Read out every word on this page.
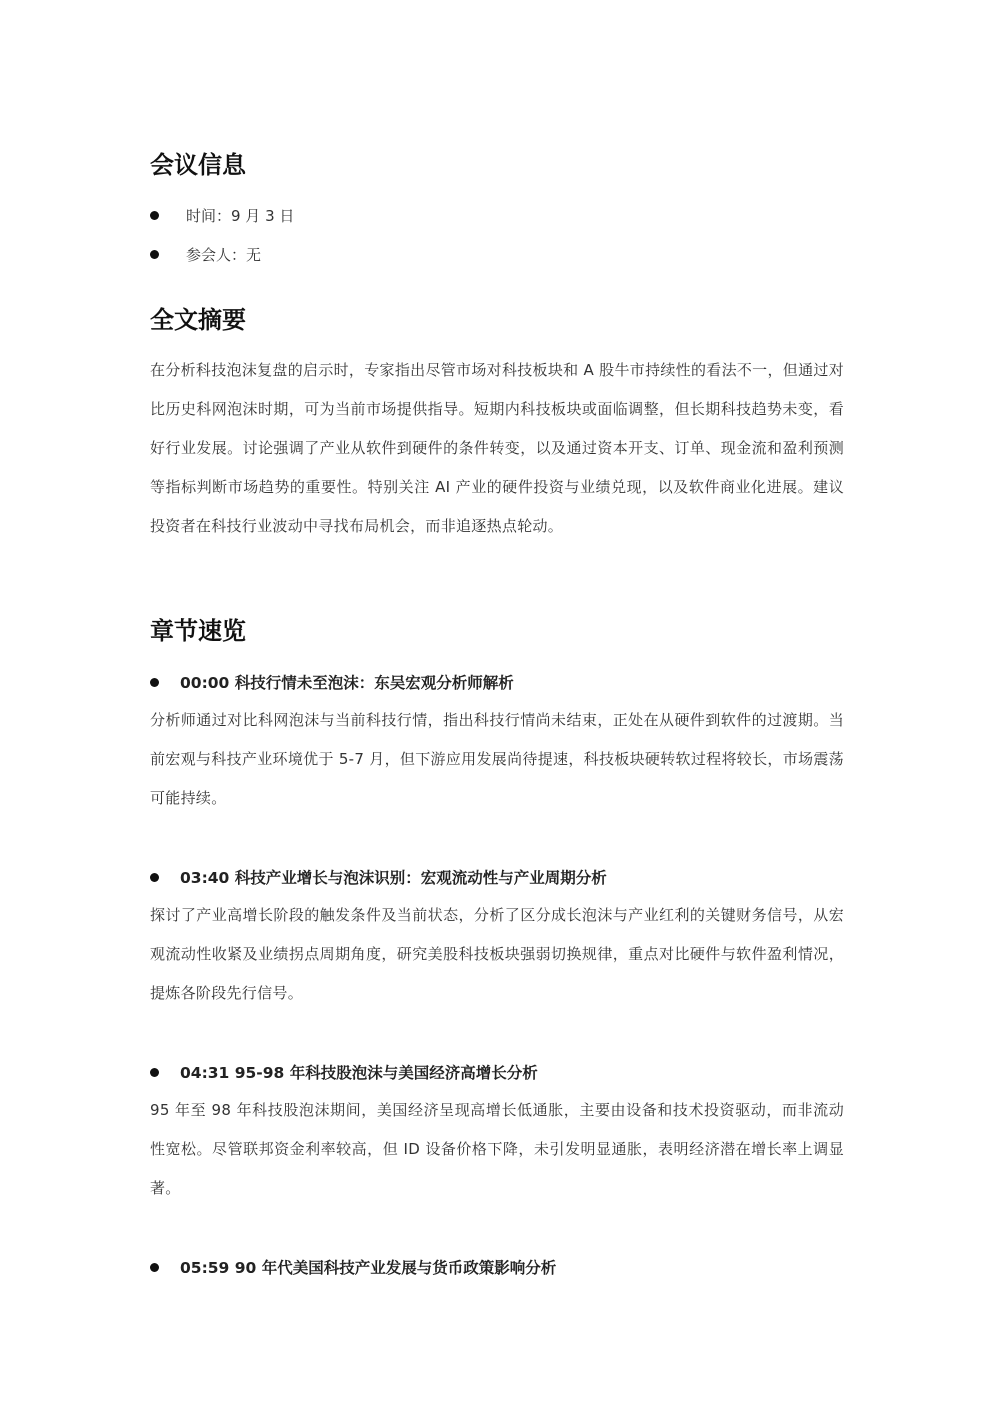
会议信息
时间：9 月 3 日
参会人：无
全文摘要

在分析科技泡沫复盘的启示时，专家指出尽管市场对科技板块和 A 股牛市持续性的看法不一，但通过对比历史科网泡沫时期，可为当前市场提供指导。短期内科技板块或面临调整，但长期科技趋势未变，看好行业发展。讨论强调了产业从软件到硬件的条件转变，以及通过资本开支、订单、现金流和盈利预测等指标判断市场趋势的重要性。特别关注 AI 产业的硬件投资与业绩兑现，以及软件商业化进展。建议投资者在科技行业波动中寻找布局机会，而非追逐热点轮动。

章节速览
00:00 科技行情未至泡沫：东吴宏观分析师解析

分析师通过对比科网泡沫与当前科技行情，指出科技行情尚未结束，正处在从硬件到软件的过渡期。当前宏观与科技产业环境优于 5-7 月，但下游应用发展尚待提速，科技板块硬转软过程将较长，市场震荡可能持续。

03:40 科技产业增长与泡沫识别：宏观流动性与产业周期分析

探讨了产业高增长阶段的触发条件及当前状态，分析了区分成长泡沫与产业红利的关键财务信号，从宏观流动性收紧及业绩拐点周期角度，研究美股科技板块强弱切换规律，重点对比硬件与软件盈利情况，提炼各阶段先行信号。

04:31 95-98 年科技股泡沫与美国经济高增长分析

95 年至 98 年科技股泡沫期间，美国经济呈现高增长低通胀，主要由设备和技术投资驱动，而非流动性宽松。尽管联邦资金利率较高，但 ID 设备价格下降，未引发明显通胀，表明经济潜在增长率上调显著。

05:59 90 年代美国科技产业发展与货币政策影响分析
